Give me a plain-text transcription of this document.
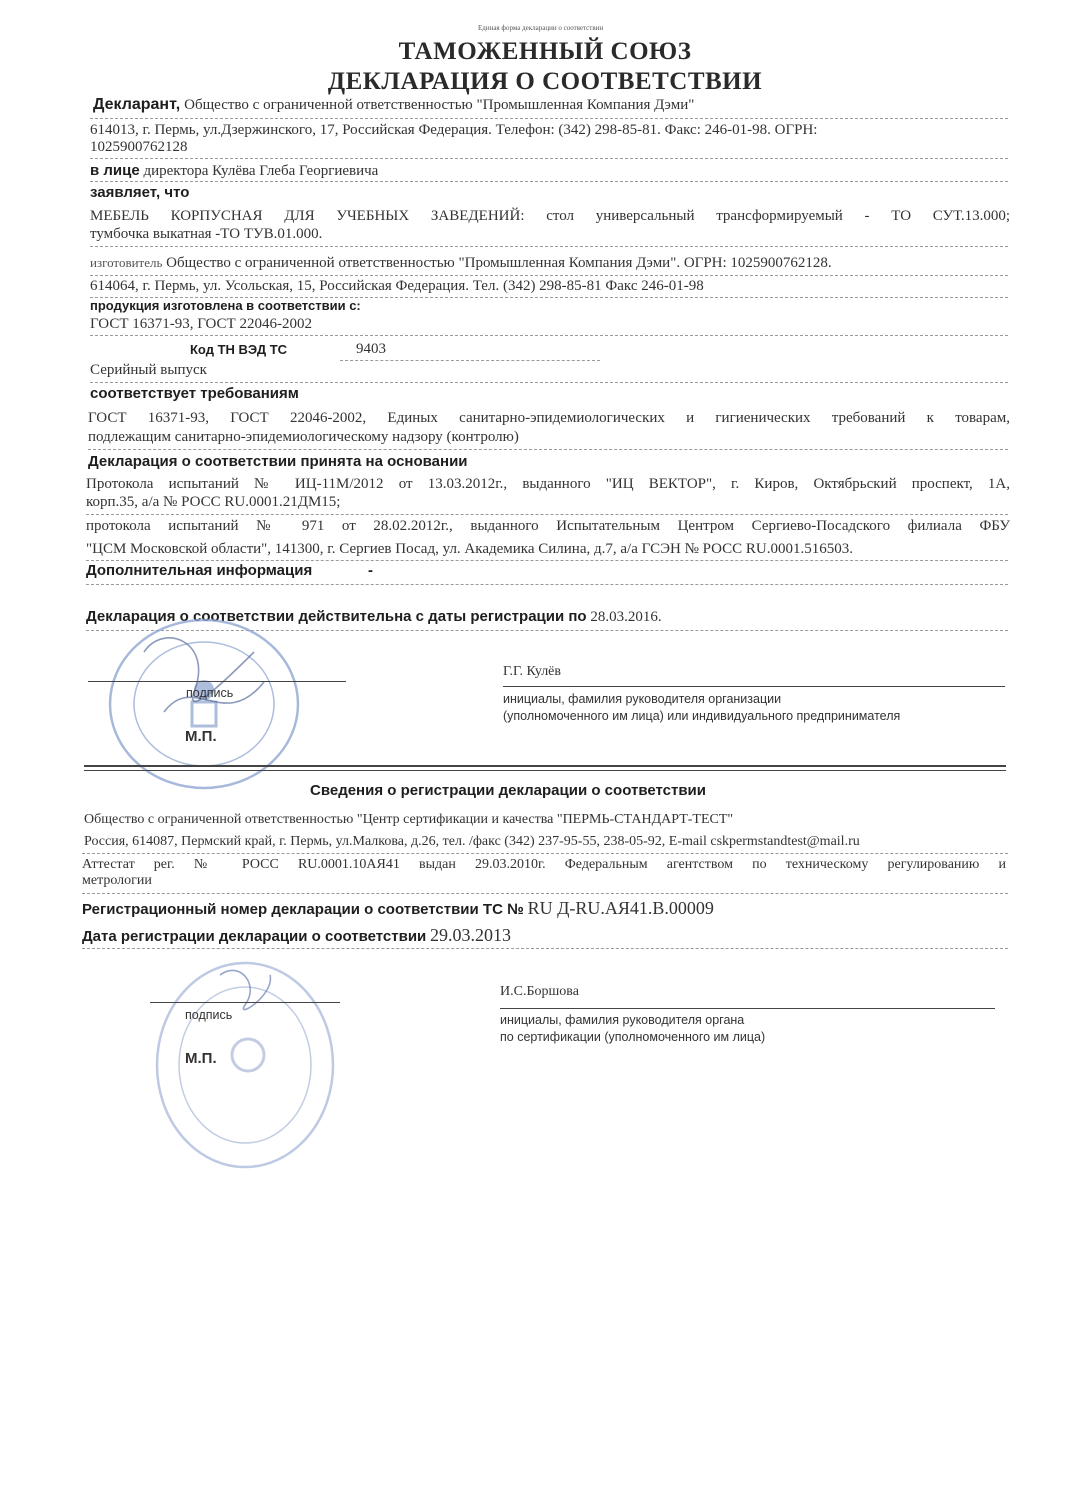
Единая форма декларации о соответствии
ТАМОЖЕННЫЙ СОЮЗ
ДЕКЛАРАЦИЯ О СООТВЕТСТВИИ
Декларант, Общество с ограниченной ответственностью "Промышленная Компания Дэми"
614013, г. Пермь, ул.Дзержинского, 17, Российская Федерация. Телефон: (342) 298-85-81. Факс: 246-01-98. ОГРН:
1025900762128
в лице директора Кулёва Глеба Георгиевича
заявляет, что
МЕБЕЛЬ КОРПУСНАЯ ДЛЯ УЧЕБНЫХ ЗАВЕДЕНИЙ: стол универсальный трансформируемый - ТО СУТ.13.000;
тумбочка выкатная -ТО ТУВ.01.000.
изготовитель Общество с ограниченной ответственностью "Промышленная Компания Дэми". ОГРН: 1025900762128.
614064, г. Пермь, ул. Усольская, 15, Российская Федерация. Тел. (342) 298-85-81 Факс 246-01-98
продукция изготовлена в соответствии с:
ГОСТ 16371-93, ГОСТ 22046-2002
Код ТН ВЭД ТС	9403
Серийный выпуск
соответствует требованиям
ГОСТ 16371-93, ГОСТ 22046-2002, Единых санитарно-эпидемиологических и гигиенических требований к товарам,
подлежащим санитарно-эпидемиологическому надзору (контролю)
Декларация о соответствии принята на основании
Протокола испытаний № ИЦ-11М/2012 от 13.03.2012г., выданного "ИЦ ВЕКТОР", г. Киров, Октябрьский проспект, 1А,
корп.35, а/а № РОСС RU.0001.21ДМ15;
протокола испытаний № 971 от 28.02.2012г., выданного Испытательным Центром Сергиево-Посадского филиала ФБУ
"ЦСМ Московской области", 141300, г. Сергиев Посад, ул. Академика Силина, д.7, а/а ГСЭН № РОСС RU.0001.516503.
Дополнительная информация	-
Декларация о соответствии действительна с даты регистрации по 28.03.2016.
подпись
М.П.
Г.Г. Кулёв
инициалы, фамилия руководителя организации
(уполномоченного им лица) или индивидуального предпринимателя
Сведения о регистрации декларации о соответствии
Общество с ограниченной ответственностью "Центр сертификации и качества "ПЕРМЬ-СТАНДАРТ-ТЕСТ"
Россия, 614087, Пермский край, г. Пермь, ул.Малкова, д.26, тел. /факс (342) 237-95-55, 238-05-92, E-mail cskpermstandtest@mail.ru
Аттестат рег. № РОСС RU.0001.10АЯ41 выдан 29.03.2010г. Федеральным агентством по техническому регулированию и
метрологии
Регистрационный номер декларации о соответствии ТС № RU Д-RU.АЯ41.В.00009
Дата регистрации декларации о соответствии 29.03.2013
подпись
М.П.
И.С.Боршова
инициалы, фамилия руководителя органа
по сертификации (уполномоченного им лица)
